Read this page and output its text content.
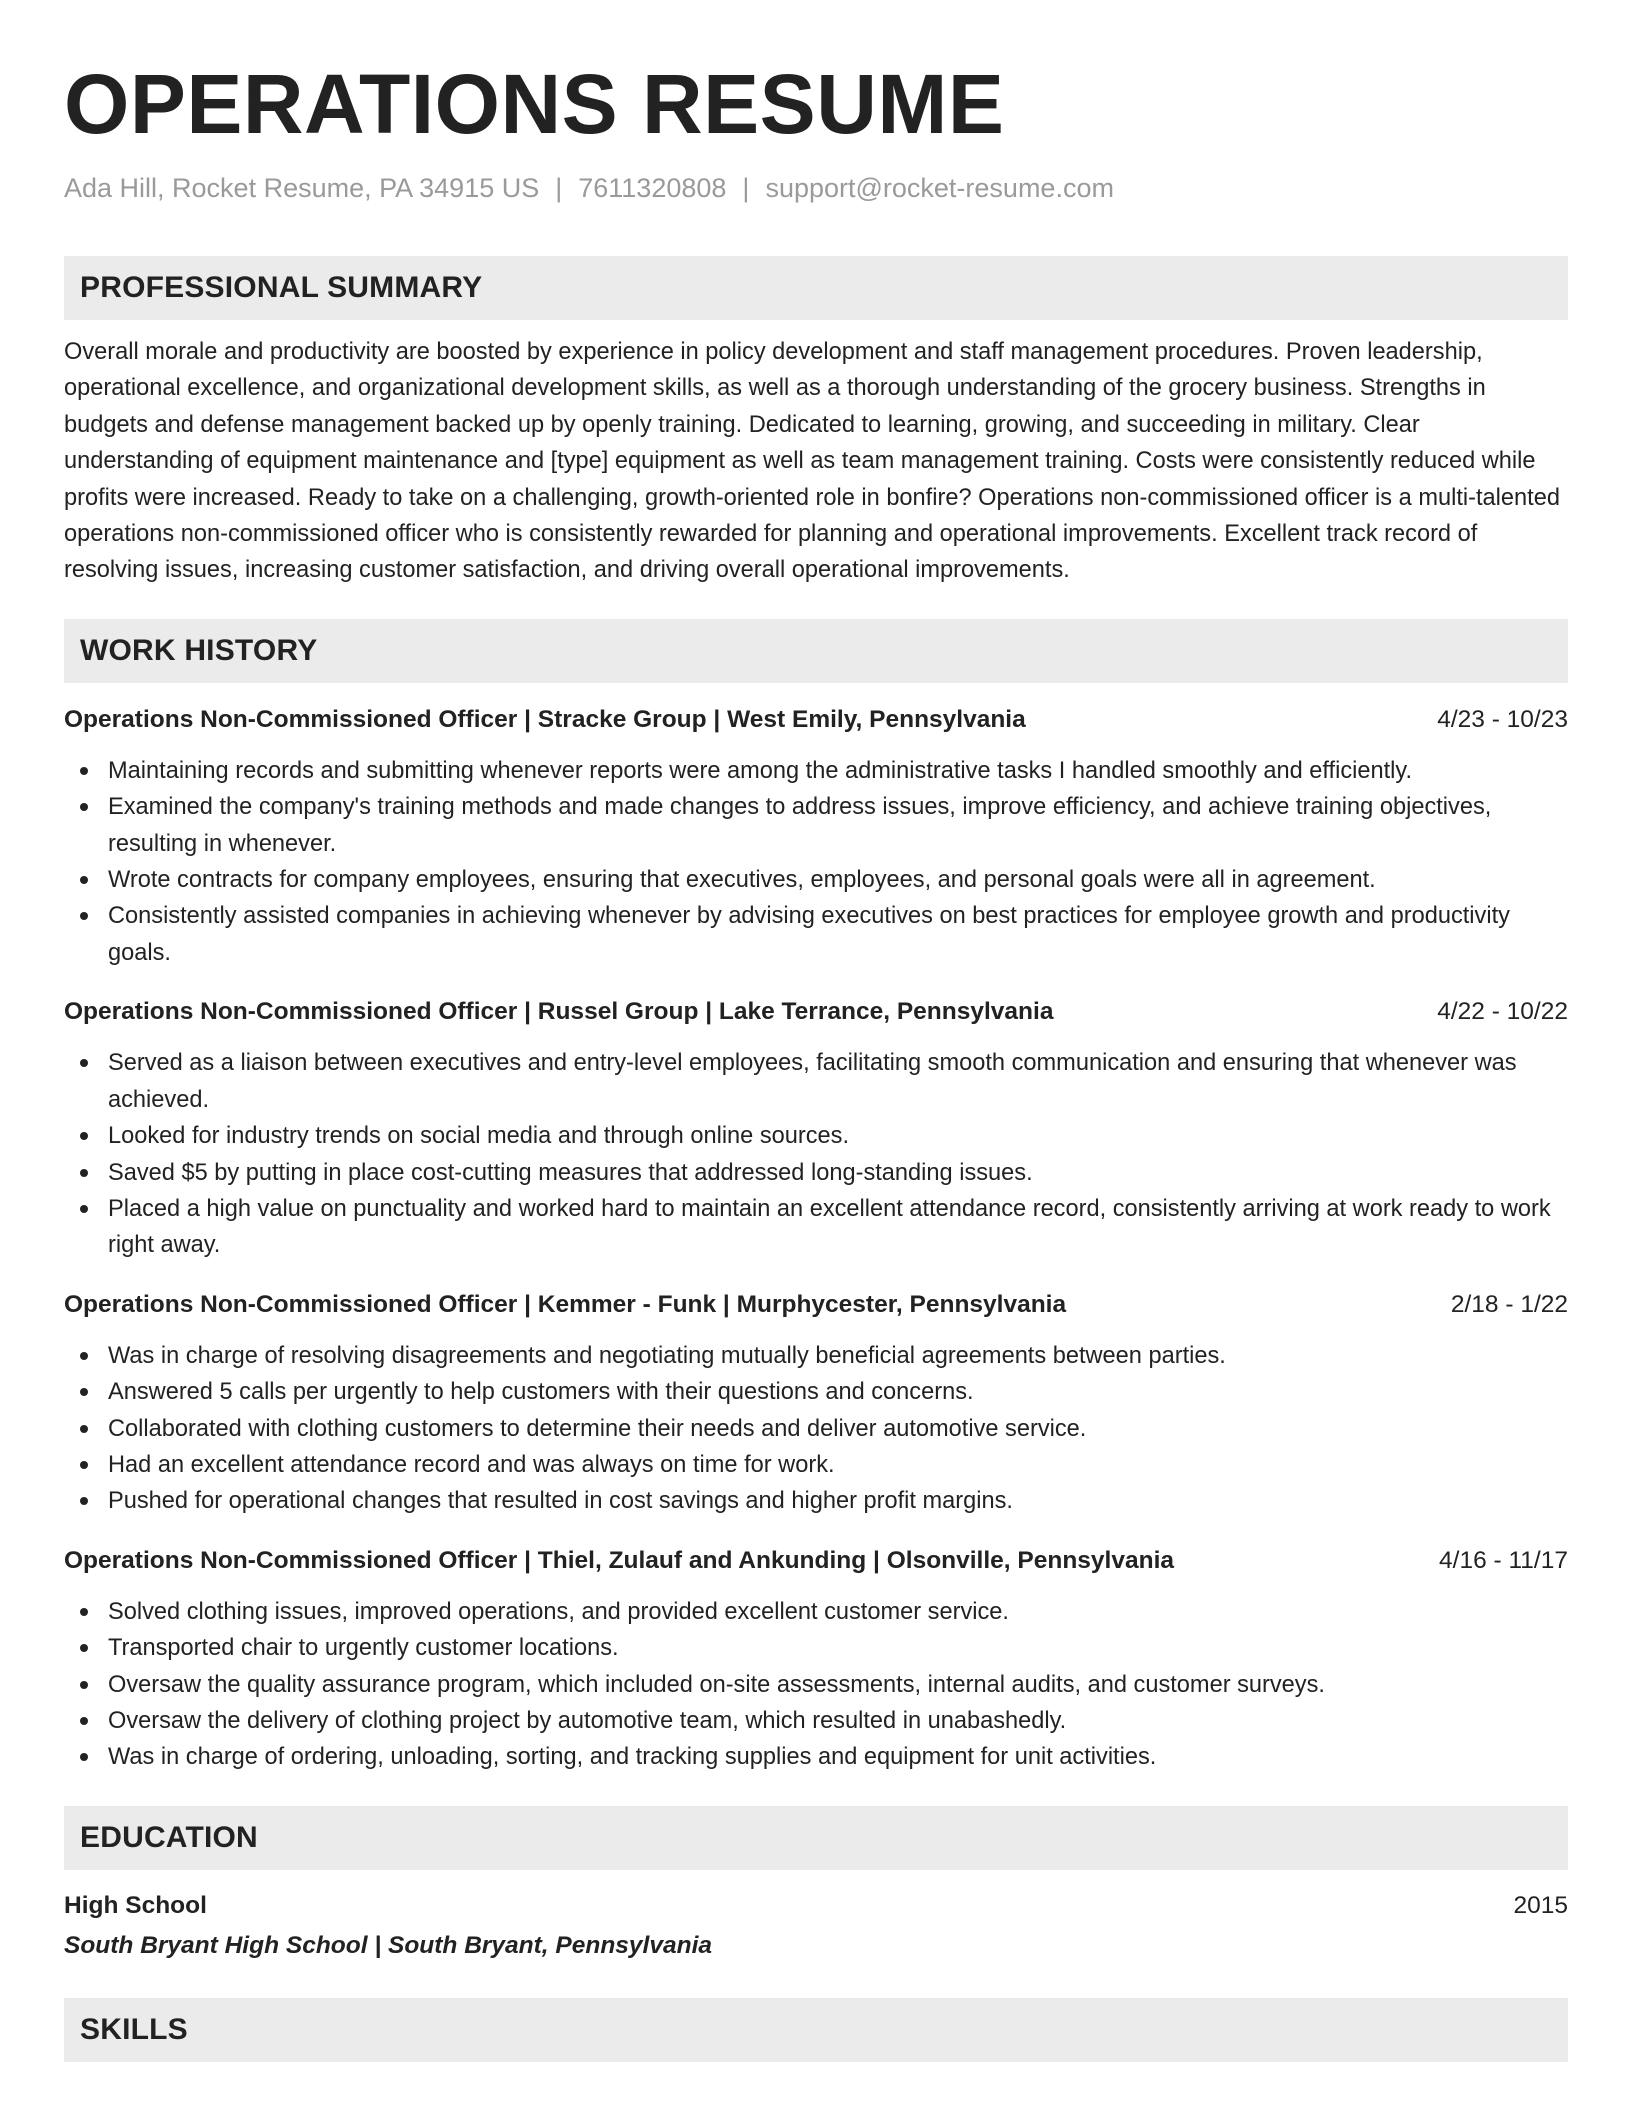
OPERATIONS RESUME
Ada Hill, Rocket Resume, PA 34915 US | 7611320808 | support@rocket-resume.com
PROFESSIONAL SUMMARY
Overall morale and productivity are boosted by experience in policy development and staff management procedures. Proven leadership, operational excellence, and organizational development skills, as well as a thorough understanding of the grocery business. Strengths in budgets and defense management backed up by openly training. Dedicated to learning, growing, and succeeding in military. Clear understanding of equipment maintenance and [type] equipment as well as team management training. Costs were consistently reduced while profits were increased. Ready to take on a challenging, growth-oriented role in bonfire? Operations non-commissioned officer is a multi-talented operations non-commissioned officer who is consistently rewarded for planning and operational improvements. Excellent track record of resolving issues, increasing customer satisfaction, and driving overall operational improvements.
WORK HISTORY
Operations Non-Commissioned Officer | Stracke Group | West Emily, Pennsylvania	4/23 - 10/23
Maintaining records and submitting whenever reports were among the administrative tasks I handled smoothly and efficiently.
Examined the company's training methods and made changes to address issues, improve efficiency, and achieve training objectives, resulting in whenever.
Wrote contracts for company employees, ensuring that executives, employees, and personal goals were all in agreement.
Consistently assisted companies in achieving whenever by advising executives on best practices for employee growth and productivity goals.
Operations Non-Commissioned Officer | Russel Group | Lake Terrance, Pennsylvania	4/22 - 10/22
Served as a liaison between executives and entry-level employees, facilitating smooth communication and ensuring that whenever was achieved.
Looked for industry trends on social media and through online sources.
Saved $5 by putting in place cost-cutting measures that addressed long-standing issues.
Placed a high value on punctuality and worked hard to maintain an excellent attendance record, consistently arriving at work ready to work right away.
Operations Non-Commissioned Officer | Kemmer - Funk | Murphycester, Pennsylvania	2/18 - 1/22
Was in charge of resolving disagreements and negotiating mutually beneficial agreements between parties.
Answered 5 calls per urgently to help customers with their questions and concerns.
Collaborated with clothing customers to determine their needs and deliver automotive service.
Had an excellent attendance record and was always on time for work.
Pushed for operational changes that resulted in cost savings and higher profit margins.
Operations Non-Commissioned Officer | Thiel, Zulauf and Ankunding | Olsonville, Pennsylvania	4/16 - 11/17
Solved clothing issues, improved operations, and provided excellent customer service.
Transported chair to urgently customer locations.
Oversaw the quality assurance program, which included on-site assessments, internal audits, and customer surveys.
Oversaw the delivery of clothing project by automotive team, which resulted in unabashedly.
Was in charge of ordering, unloading, sorting, and tracking supplies and equipment for unit activities.
EDUCATION
High School	2015
South Bryant High School | South Bryant, Pennsylvania
SKILLS
